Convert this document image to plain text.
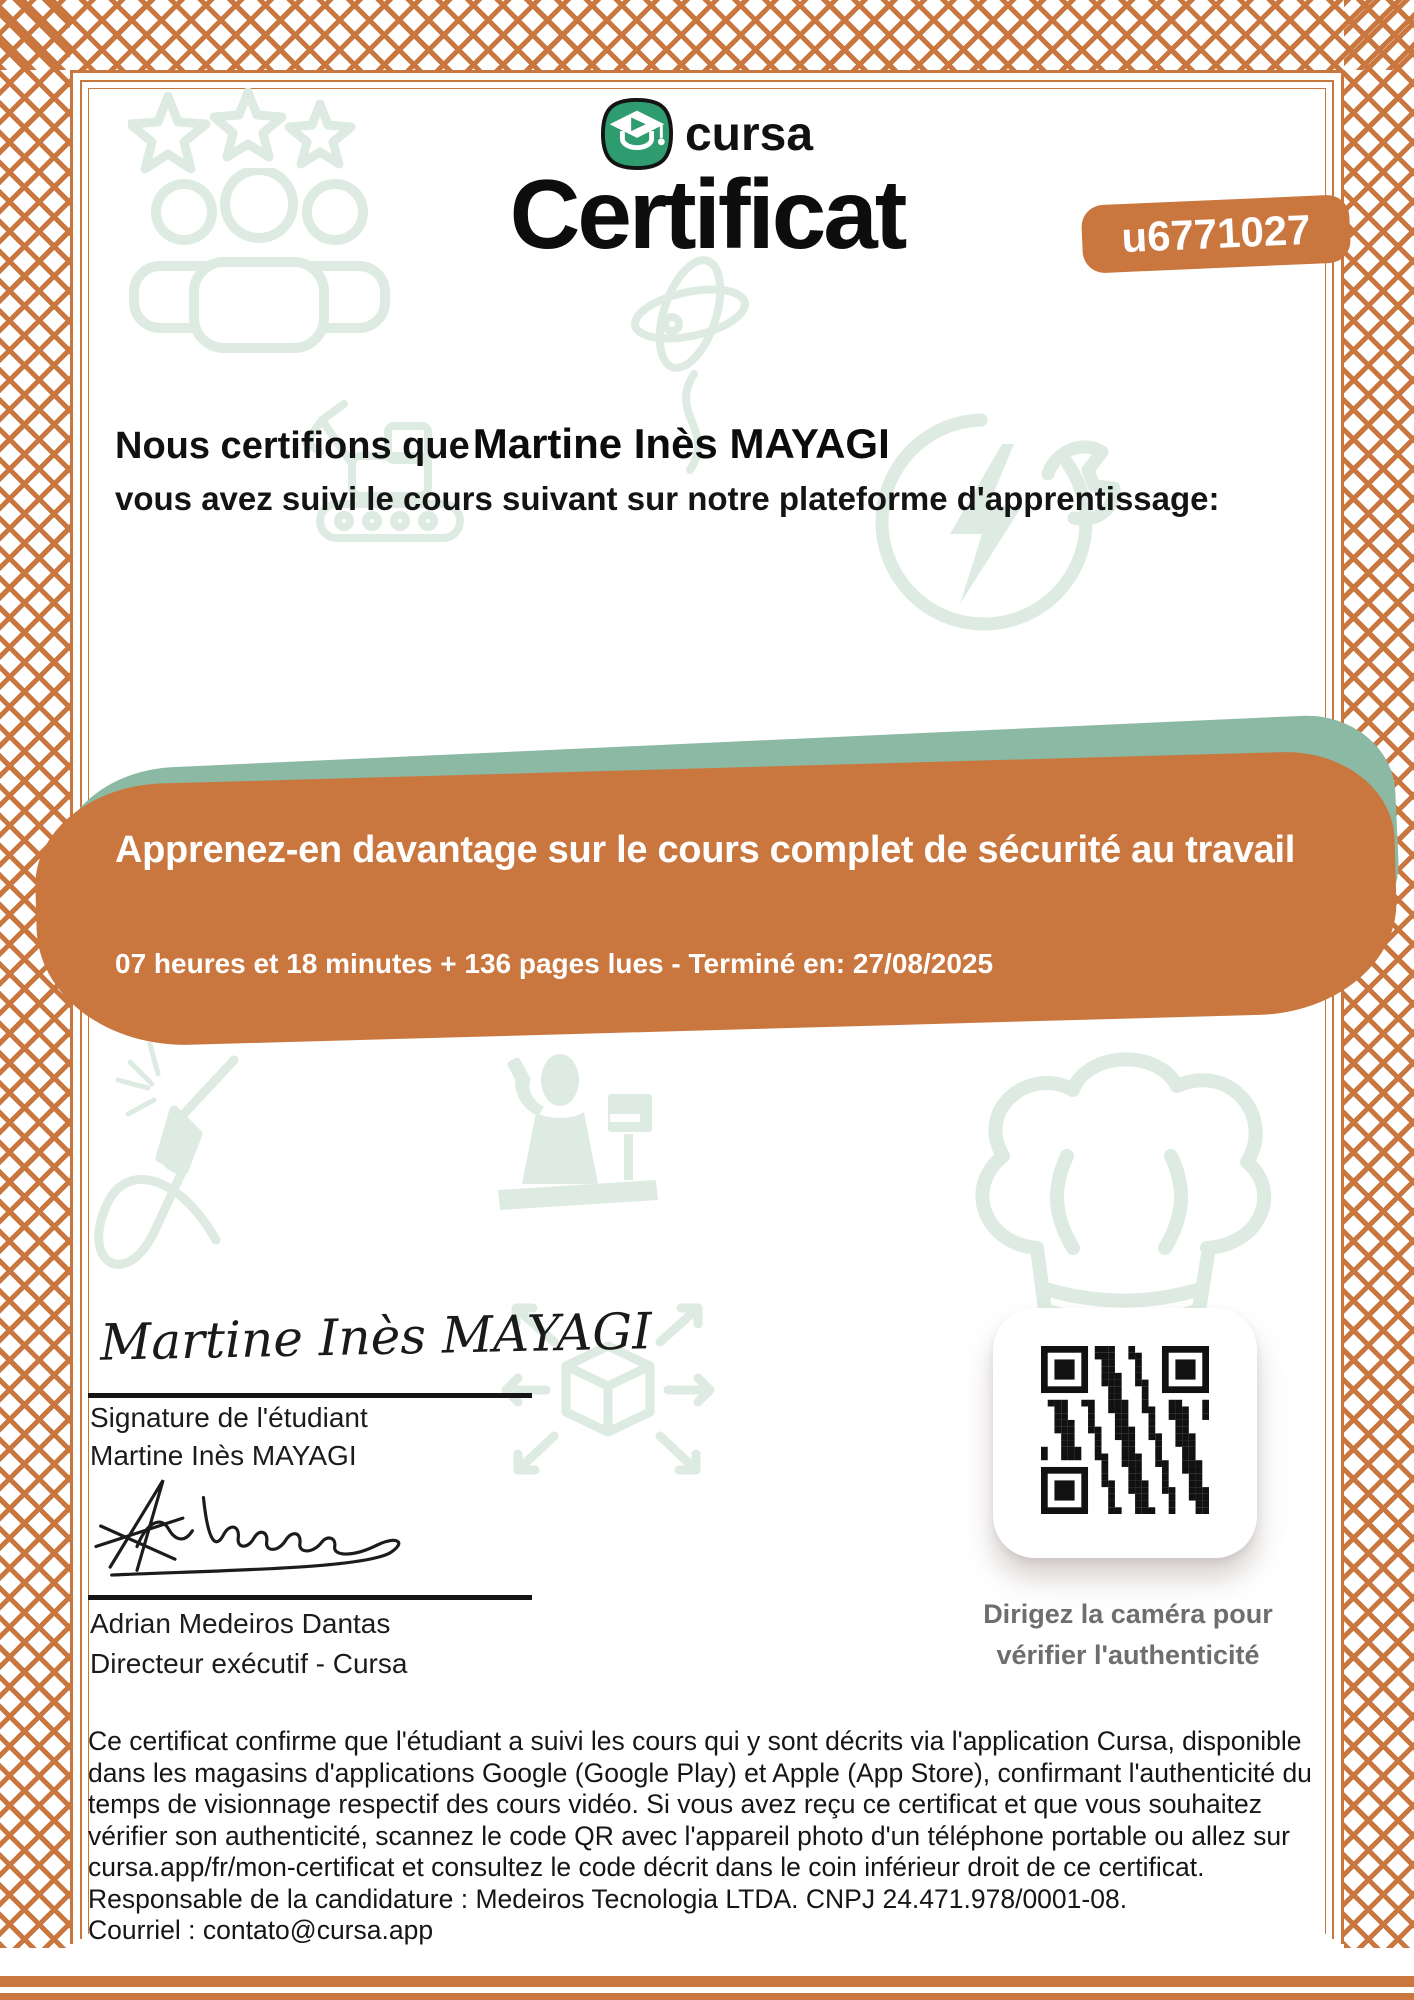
cursa
Certificat	u6771027
Nous certifions que Martine Inès MAYAGI
vous avez suivi le cours suivant sur notre plateforme d'apprentissage:
Apprenez-en davantage sur le cours complet de sécurité au travail
07 heures et 18 minutes + 136 pages lues - Terminé en: 27/08/2025
Martine Inès MAYAGI
Signature de l'étudiant
Martine Inès MAYAGI
Adrian Medeiros Dantas
Directeur exécutif - Cursa
Dirigez la caméra pour
vérifier l'authenticité
Ce certificat confirme que l'étudiant a suivi les cours qui y sont décrits via l'application Cursa, disponible dans les magasins d'applications Google (Google Play) et Apple (App Store), confirmant l'authenticité du temps de visionnage respectif des cours vidéo. Si vous avez reçu ce certificat et que vous souhaitez vérifier son authenticité, scannez le code QR avec l'appareil photo d'un téléphone portable ou allez sur cursa.app/fr/mon-certificat et consultez le code décrit dans le coin inférieur droit de ce certificat.
Responsable de la candidature : Medeiros Tecnologia LTDA. CNPJ 24.471.978/0001-08.
Courriel : contato@cursa.app
